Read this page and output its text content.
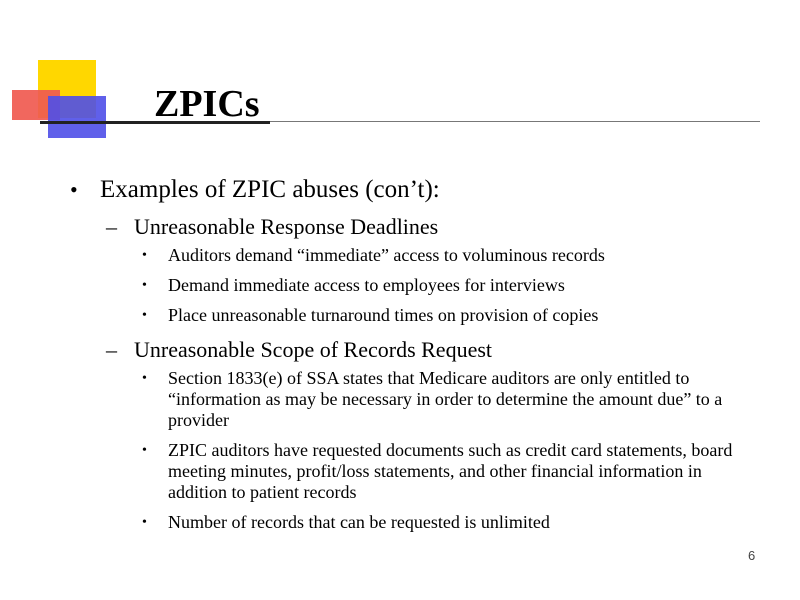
ZPICs

• Examples of ZPIC abuses (con’t):

– Unreasonable Response Deadlines
• Auditors demand “immediate” access to voluminous records
• Demand immediate access to employees for interviews
• Place unreasonable turnaround times on provision of copies
– Unreasonable Scope of Records Request
• Section 1833(e) of SSA states that Medicare auditors are only entitled to “information as may be necessary in order to determine the amount due” to a provider
• ZPIC auditors have requested documents such as credit card statements, board meeting minutes, profit/loss statements, and other financial information in addition to patient records
• Number of records that can be requested is unlimited
6
